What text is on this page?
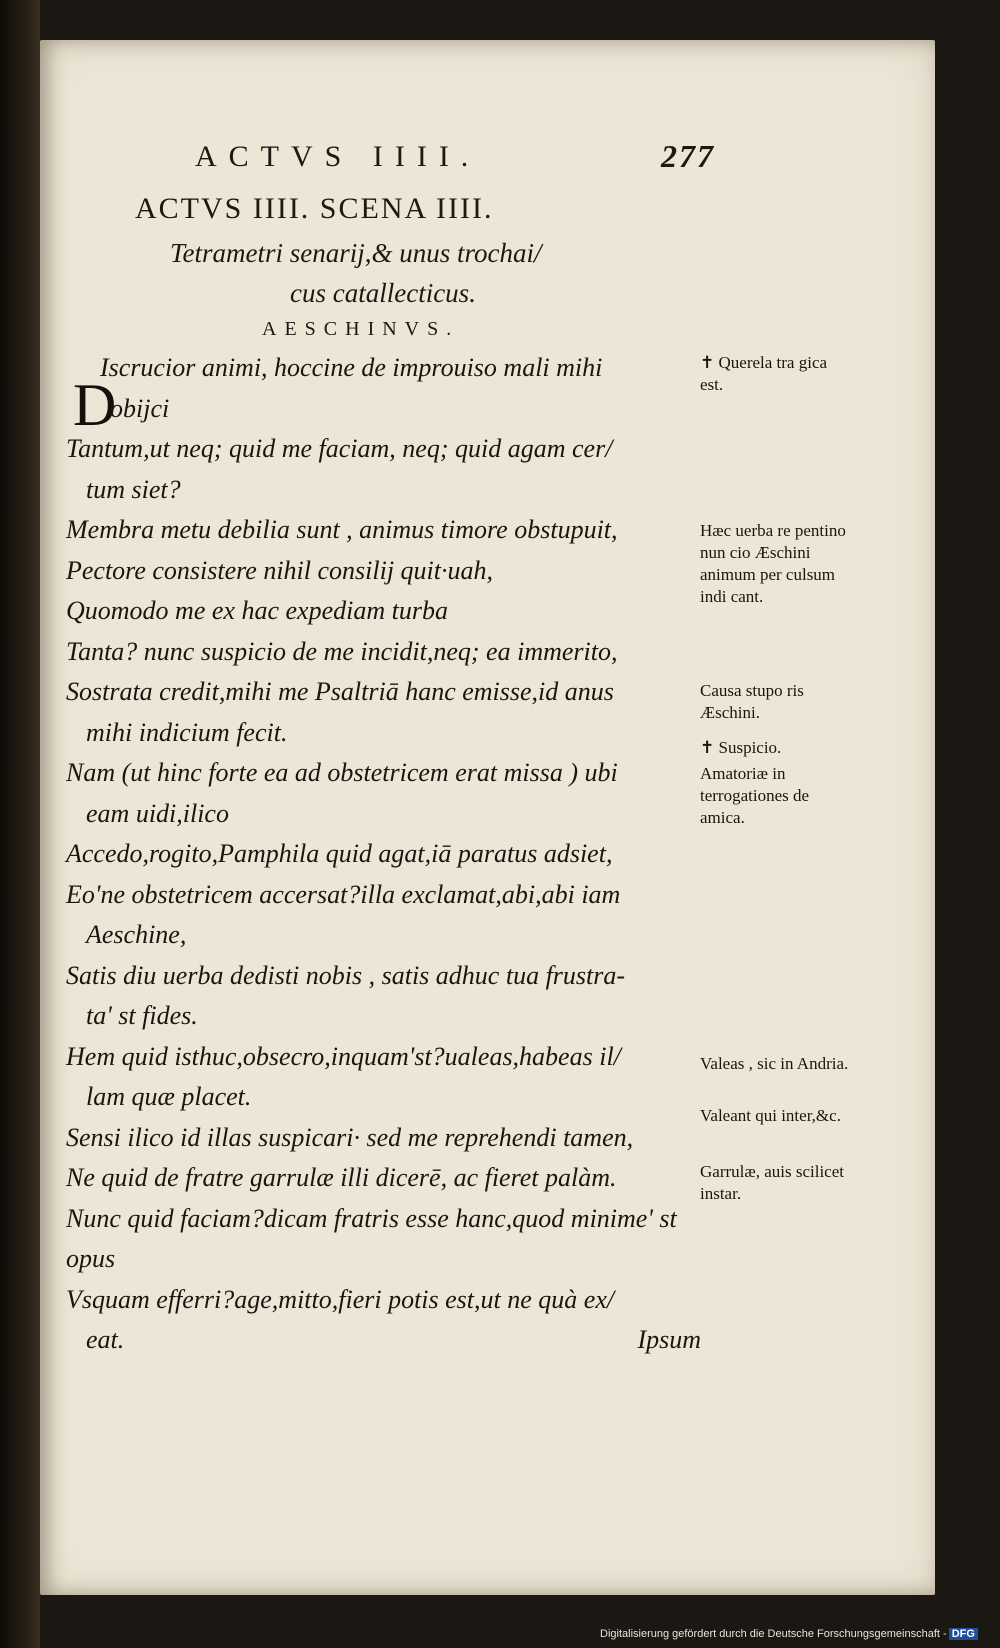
ACTVS IIII.	277
ACTVS IIII. SCENA IIII.
Tetrametri senarij,& unus trochai/
cus catallecticus.
AESCHINVS.
D
Iscrucior animi, hoccine de improuiso mali mihi
obijci
Tantum,ut neq; quid me faciam, neq; quid agam cer/
tum siet?
Membra metu debilia sunt , animus timore obstupuit,
Pectore consistere nihil consilij quit·uah,
Quomodo me ex hac expediam turba
Tanta? nunc suspicio de me incidit,neq; ea immerito,
Sostrata credit,mihi me Psaltriā hanc emisse,id anus
mihi indicium fecit.
Nam (ut hinc forte ea ad obstetricem erat missa ) ubi
eam uidi,ilico
Accedo,rogito,Pamphila quid agat,iā paratus adsiet,
Eo'ne obstetricem accersat?illa exclamat,abi,abi iam
Aeschine,
Satis diu uerba dedisti nobis , satis adhuc tua frustra-
ta' st fides.
Hem quid isthuc,obsecro,inquam'st?ualeas,habeas il/
lam quæ placet.
Sensi ilico id illas suspicari· sed me reprehendi tamen,
Ne quid de fratre garrulæ illi dicerē, ac fieret palàm.
Nunc quid faciam?dicam fratris esse hanc,quod minime' st opus
Vsquam efferri?age,mitto,fieri potis est,ut ne quà ex/
eat.	Ipsum
✝ Querela tra gica est.
Hæc uerba re pentino nun cio Æschini animum per culsum indi cant.
Causa stupo ris Æschini.
✝ Suspicio.
Amatoriæ in terrogationes de amica.
Valeas , sic in Andria.
Valeant qui inter,&c.
Garrulæ, auis scilicet instar.
Digitalisierung gefördert durch die Deutsche Forschungsgemeinschaft - DFG
